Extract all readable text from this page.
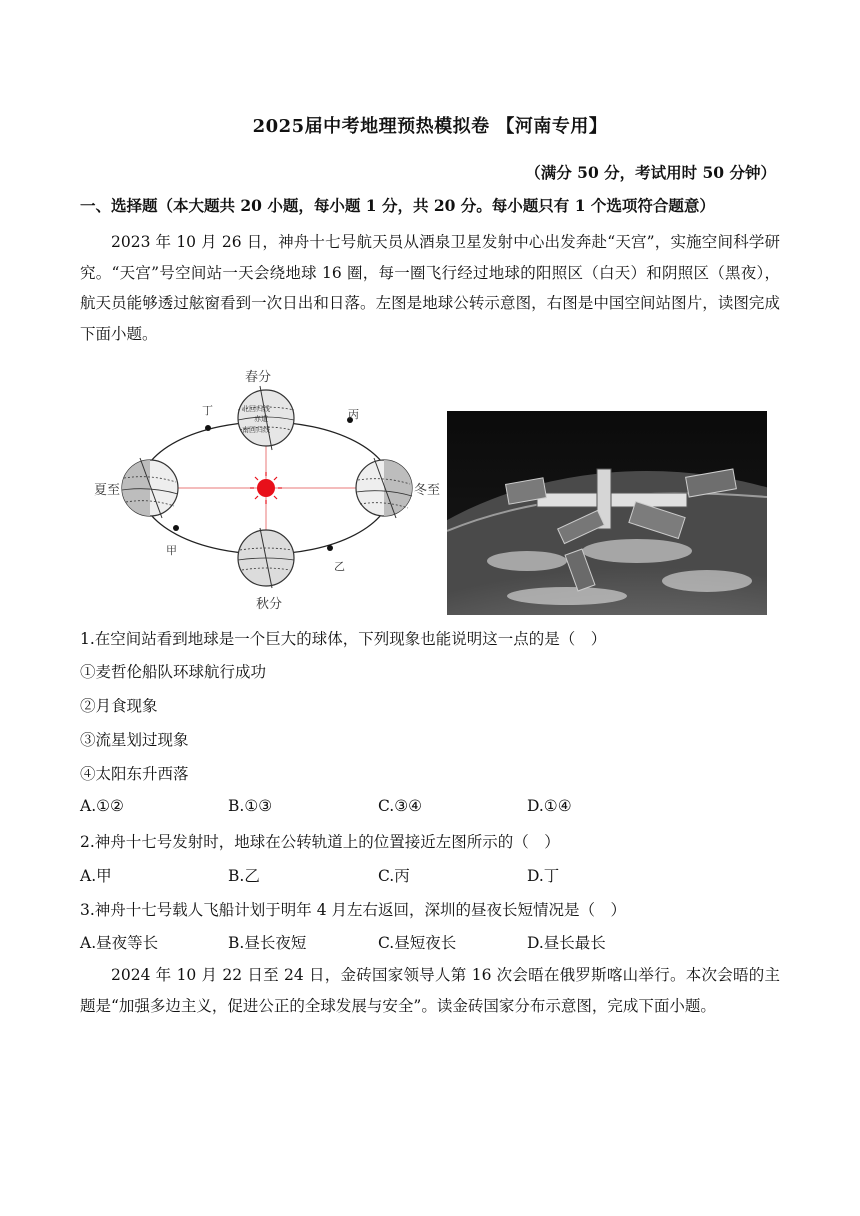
2025届中考地理预热模拟卷 【河南专用】
（满分 50 分，考试用时 50 分钟）
一、选择题（本大题共 20 小题，每小题 1 分，共 20 分。每小题只有 1 个选项符合题意）
2023 年 10 月 26 日，神舟十七号航天员从酒泉卫星发射中心出发奔赴“天宫”，实施空间科学研究。“天宫”号空间站一天会绕地球 16 圈，每一圈飞行经过地球的阳照区（白天）和阴照区（黑夜），航天员能够透过舷窗看到一次日出和日落。左图是地球公转示意图，右图是中国空间站图片，读图完成下面小题。
北回归线
赤道
南回归线
春分
夏至	冬至
秋分
丁	丙
甲
乙
1.在空间站看到地球是一个巨大的球体，下列现象也能说明这一点的是（　）
①麦哲伦船队环球航行成功
②月食现象
③流星划过现象
④太阳东升西落
A.①②	B.①③	C.③④	D.①④
2.神舟十七号发射时，地球在公转轨道上的位置接近左图所示的（　）
A.甲	B.乙	C.丙	D.丁
3.神舟十七号载人飞船计划于明年 4 月左右返回，深圳的昼夜长短情况是（　）
A.昼夜等长	B.昼长夜短	C.昼短夜长	D.昼长最长
2024 年 10 月 22 日至 24 日，金砖国家领导人第 16 次会晤在俄罗斯喀山举行。本次会晤的主题是“加强多边主义，促进公正的全球发展与安全”。读金砖国家分布示意图，完成下面小题。
